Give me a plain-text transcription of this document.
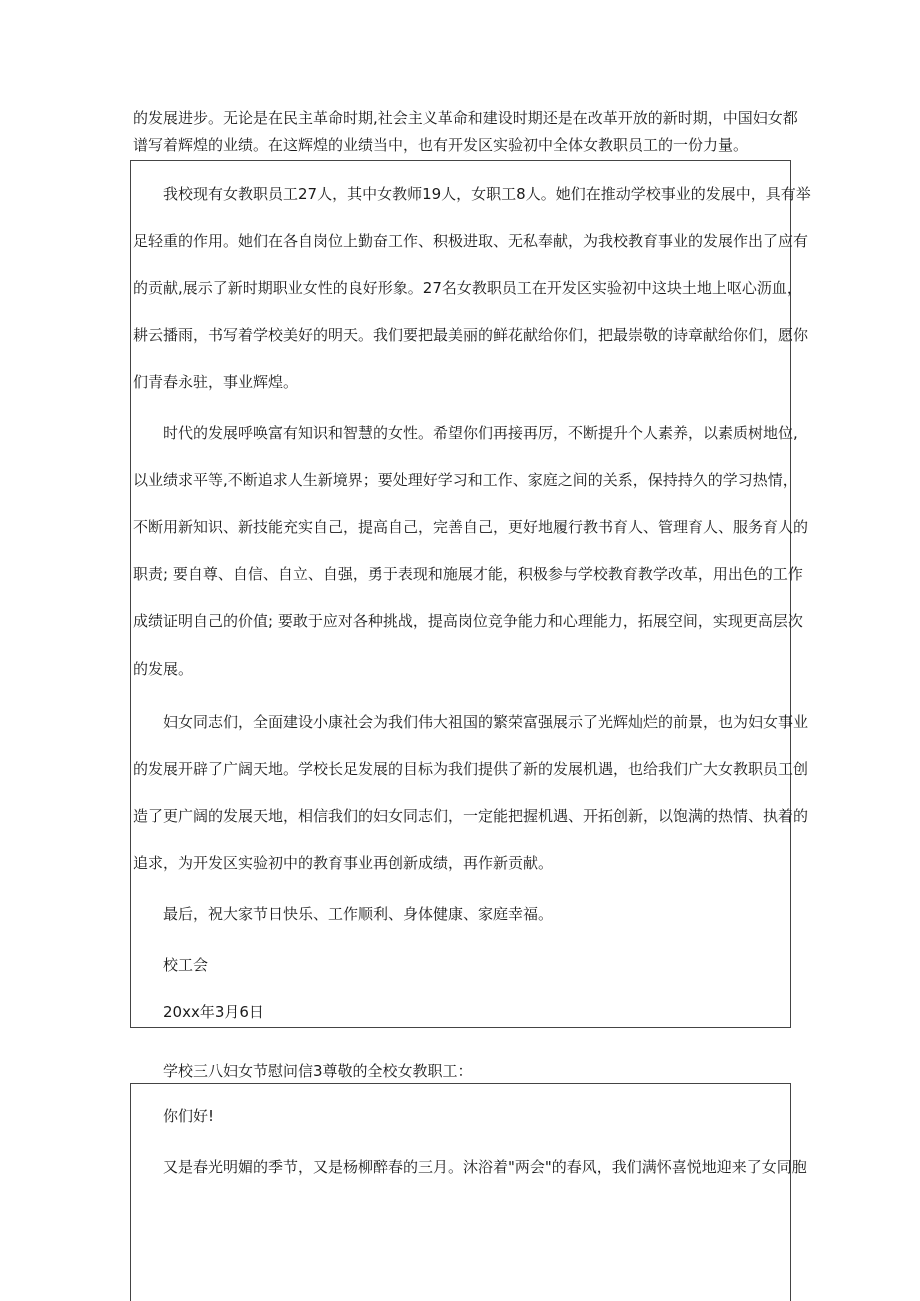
的发展进步。无论是在民主革命时期,社会主义革命和建设时期还是在改革开放的新时期，中国妇女都
谱写着辉煌的业绩。在这辉煌的业绩当中，也有开发区实验初中全体女教职员工的一份力量。
我校现有女教职员工27人，其中女教师19人，女职工8人。她们在推动学校事业的发展中，具有举
足轻重的作用。她们在各自岗位上勤奋工作、积极进取、无私奉献，为我校教育事业的发展作出了应有
的贡献,展示了新时期职业女性的良好形象。27名女教职员工在开发区实验初中这块土地上呕心沥血，
耕云播雨，书写着学校美好的明天。我们要把最美丽的鲜花献给你们，把最崇敬的诗章献给你们，愿你
们青春永驻，事业辉煌。
时代的发展呼唤富有知识和智慧的女性。希望你们再接再厉，不断提升个人素养，以素质树地位,
以业绩求平等,不断追求人生新境界；要处理好学习和工作、家庭之间的关系，保持持久的学习热情，
不断用新知识、新技能充实自己，提高自己，完善自己，更好地履行教书育人、管理育人、服务育人的
职责; 要自尊、自信、自立、自强，勇于表现和施展才能，积极参与学校教育教学改革，用出色的工作
成绩证明自己的价值; 要敢于应对各种挑战，提高岗位竞争能力和心理能力，拓展空间，实现更高层次
的发展。
妇女同志们，全面建设小康社会为我们伟大祖国的繁荣富强展示了光辉灿烂的前景，也为妇女事业
的发展开辟了广阔天地。学校长足发展的目标为我们提供了新的发展机遇，也给我们广大女教职员工创
造了更广阔的发展天地，相信我们的妇女同志们，一定能把握机遇、开拓创新，以饱满的热情、执着的
追求，为开发区实验初中的教育事业再创新成绩，再作新贡献。
最后，祝大家节日快乐、工作顺利、身体健康、家庭幸福。
校工会
20xx年3月6日
学校三八妇女节慰问信3尊敬的全校女教职工：
你们好!
又是春光明媚的季节，又是杨柳醉春的三月。沐浴着"两会"的春风，我们满怀喜悦地迎来了女同胞
